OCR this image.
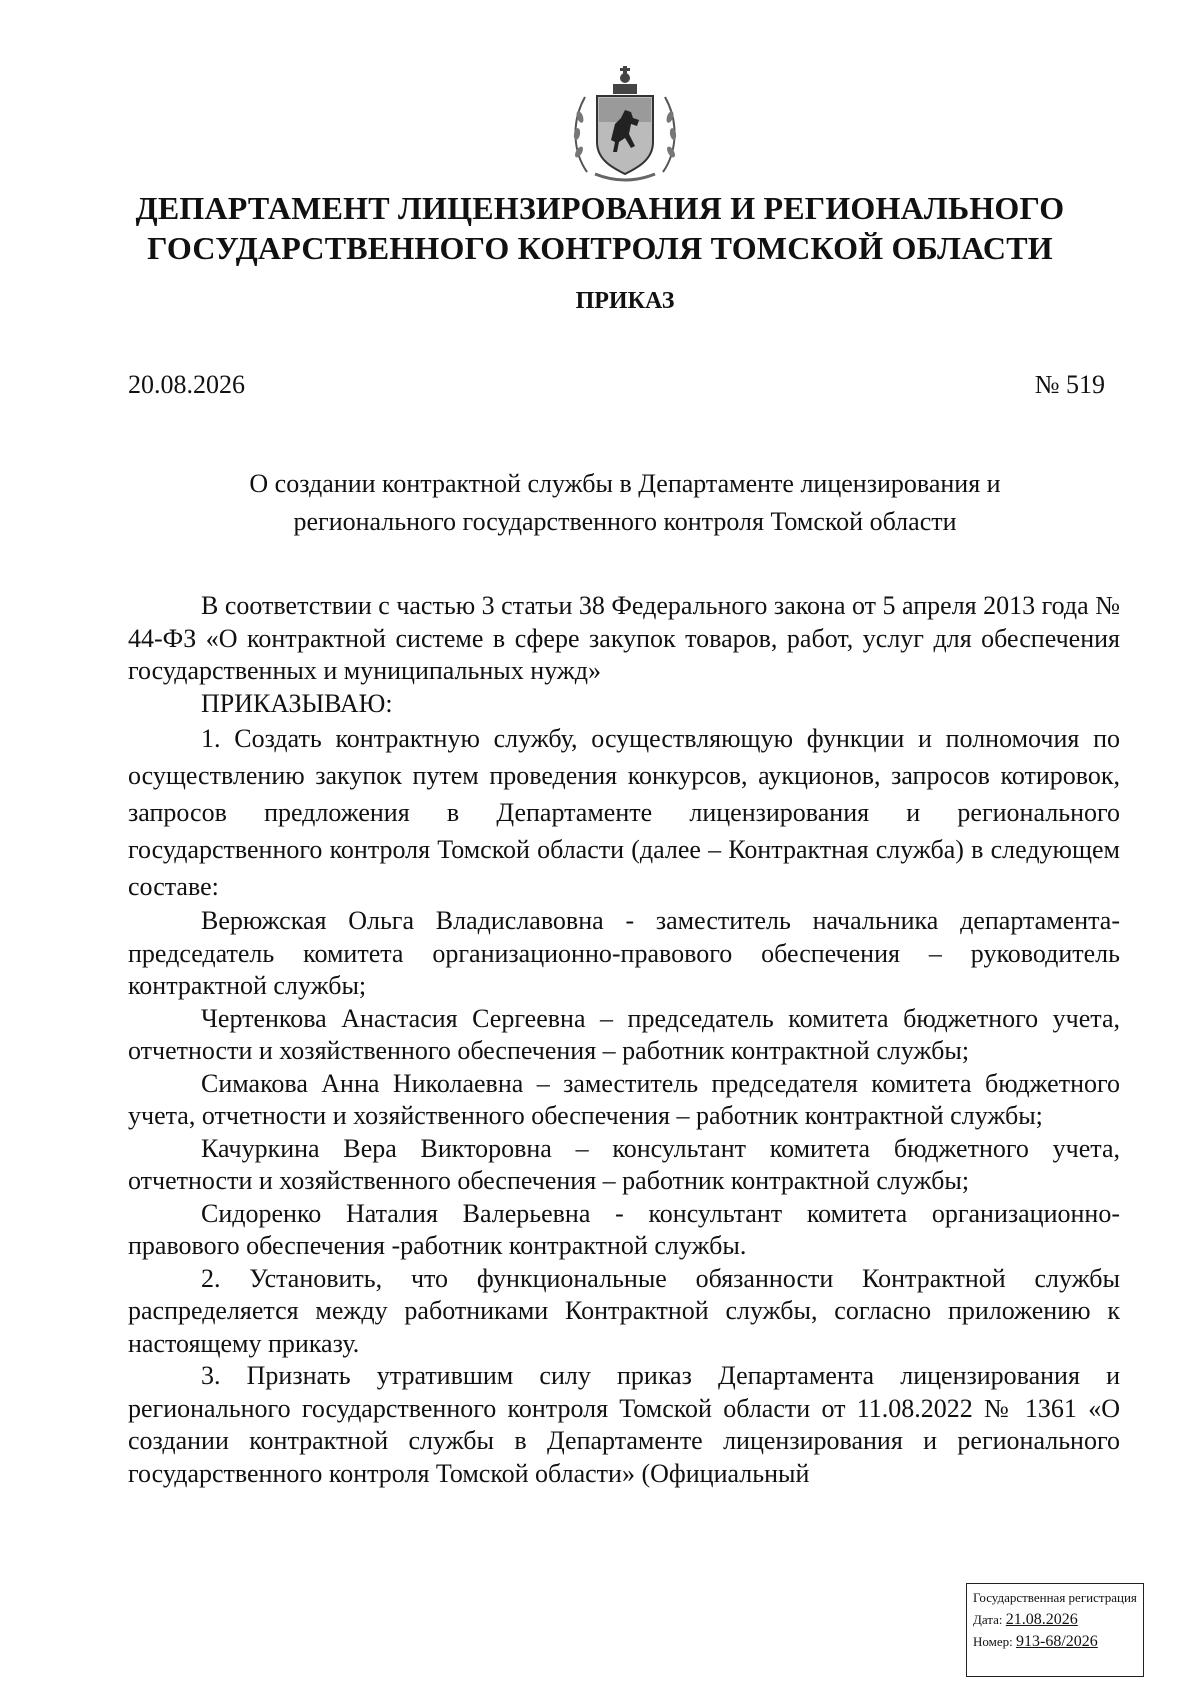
ДЕПАРТАМЕНТ ЛИЦЕНЗИРОВАНИЯ И РЕГИОНАЛЬНОГО
ГОСУДАРСТВЕННОГО КОНТРОЛЯ ТОМСКОЙ ОБЛАСТИ
ПРИКАЗ
20.08.2026	№ 519
О создании контрактной службы в Департаменте лицензирования и
регионального государственного контроля Томской области

В соответствии с частью 3 статьи 38 Федерального закона от 5 апреля 2013 года № 44-ФЗ «О контрактной системе в сфере закупок товаров, работ, услуг для обеспечения государственных и муниципальных нужд»

ПРИКАЗЫВАЮ:

1. Создать контрактную службу, осуществляющую функции и полномочия по осуществлению закупок путем проведения конкурсов, аукционов, запросов котировок, запросов предложения в Департаменте лицензирования и регионального государственного контроля Томской области (далее – Контрактная служба) в следующем составе:

Верюжская Ольга Владиславовна - заместитель начальника департамента- председатель комитета организационно-правового обеспечения – руководитель контрактной службы;

Чертенкова Анастасия Сергеевна – председатель комитета бюджетного учета, отчетности и хозяйственного обеспечения – работник контрактной службы;

Симакова Анна Николаевна – заместитель председателя комитета бюджетного учета, отчетности и хозяйственного обеспечения – работник контрактной службы;

Качуркина Вера Викторовна – консультант комитета бюджетного учета, отчетности и хозяйственного обеспечения – работник контрактной службы;

Сидоренко Наталия Валерьевна - консультант комитета организационно-правового обеспечения -работник контрактной службы.

2. Установить, что функциональные обязанности Контрактной службы распределяется между работниками Контрактной службы, согласно приложению к настоящему приказу.

3. Признать утратившим силу приказ Департамента лицензирования и регионального государственного контроля Томской области от 11.08.2022 № 1361 «О создании контрактной службы в Департаменте лицензирования и регионального государственного контроля Томской области» (Официальный

Государственная регистрация
Дата: 21.08.2026
Номер: 913-68/2026
